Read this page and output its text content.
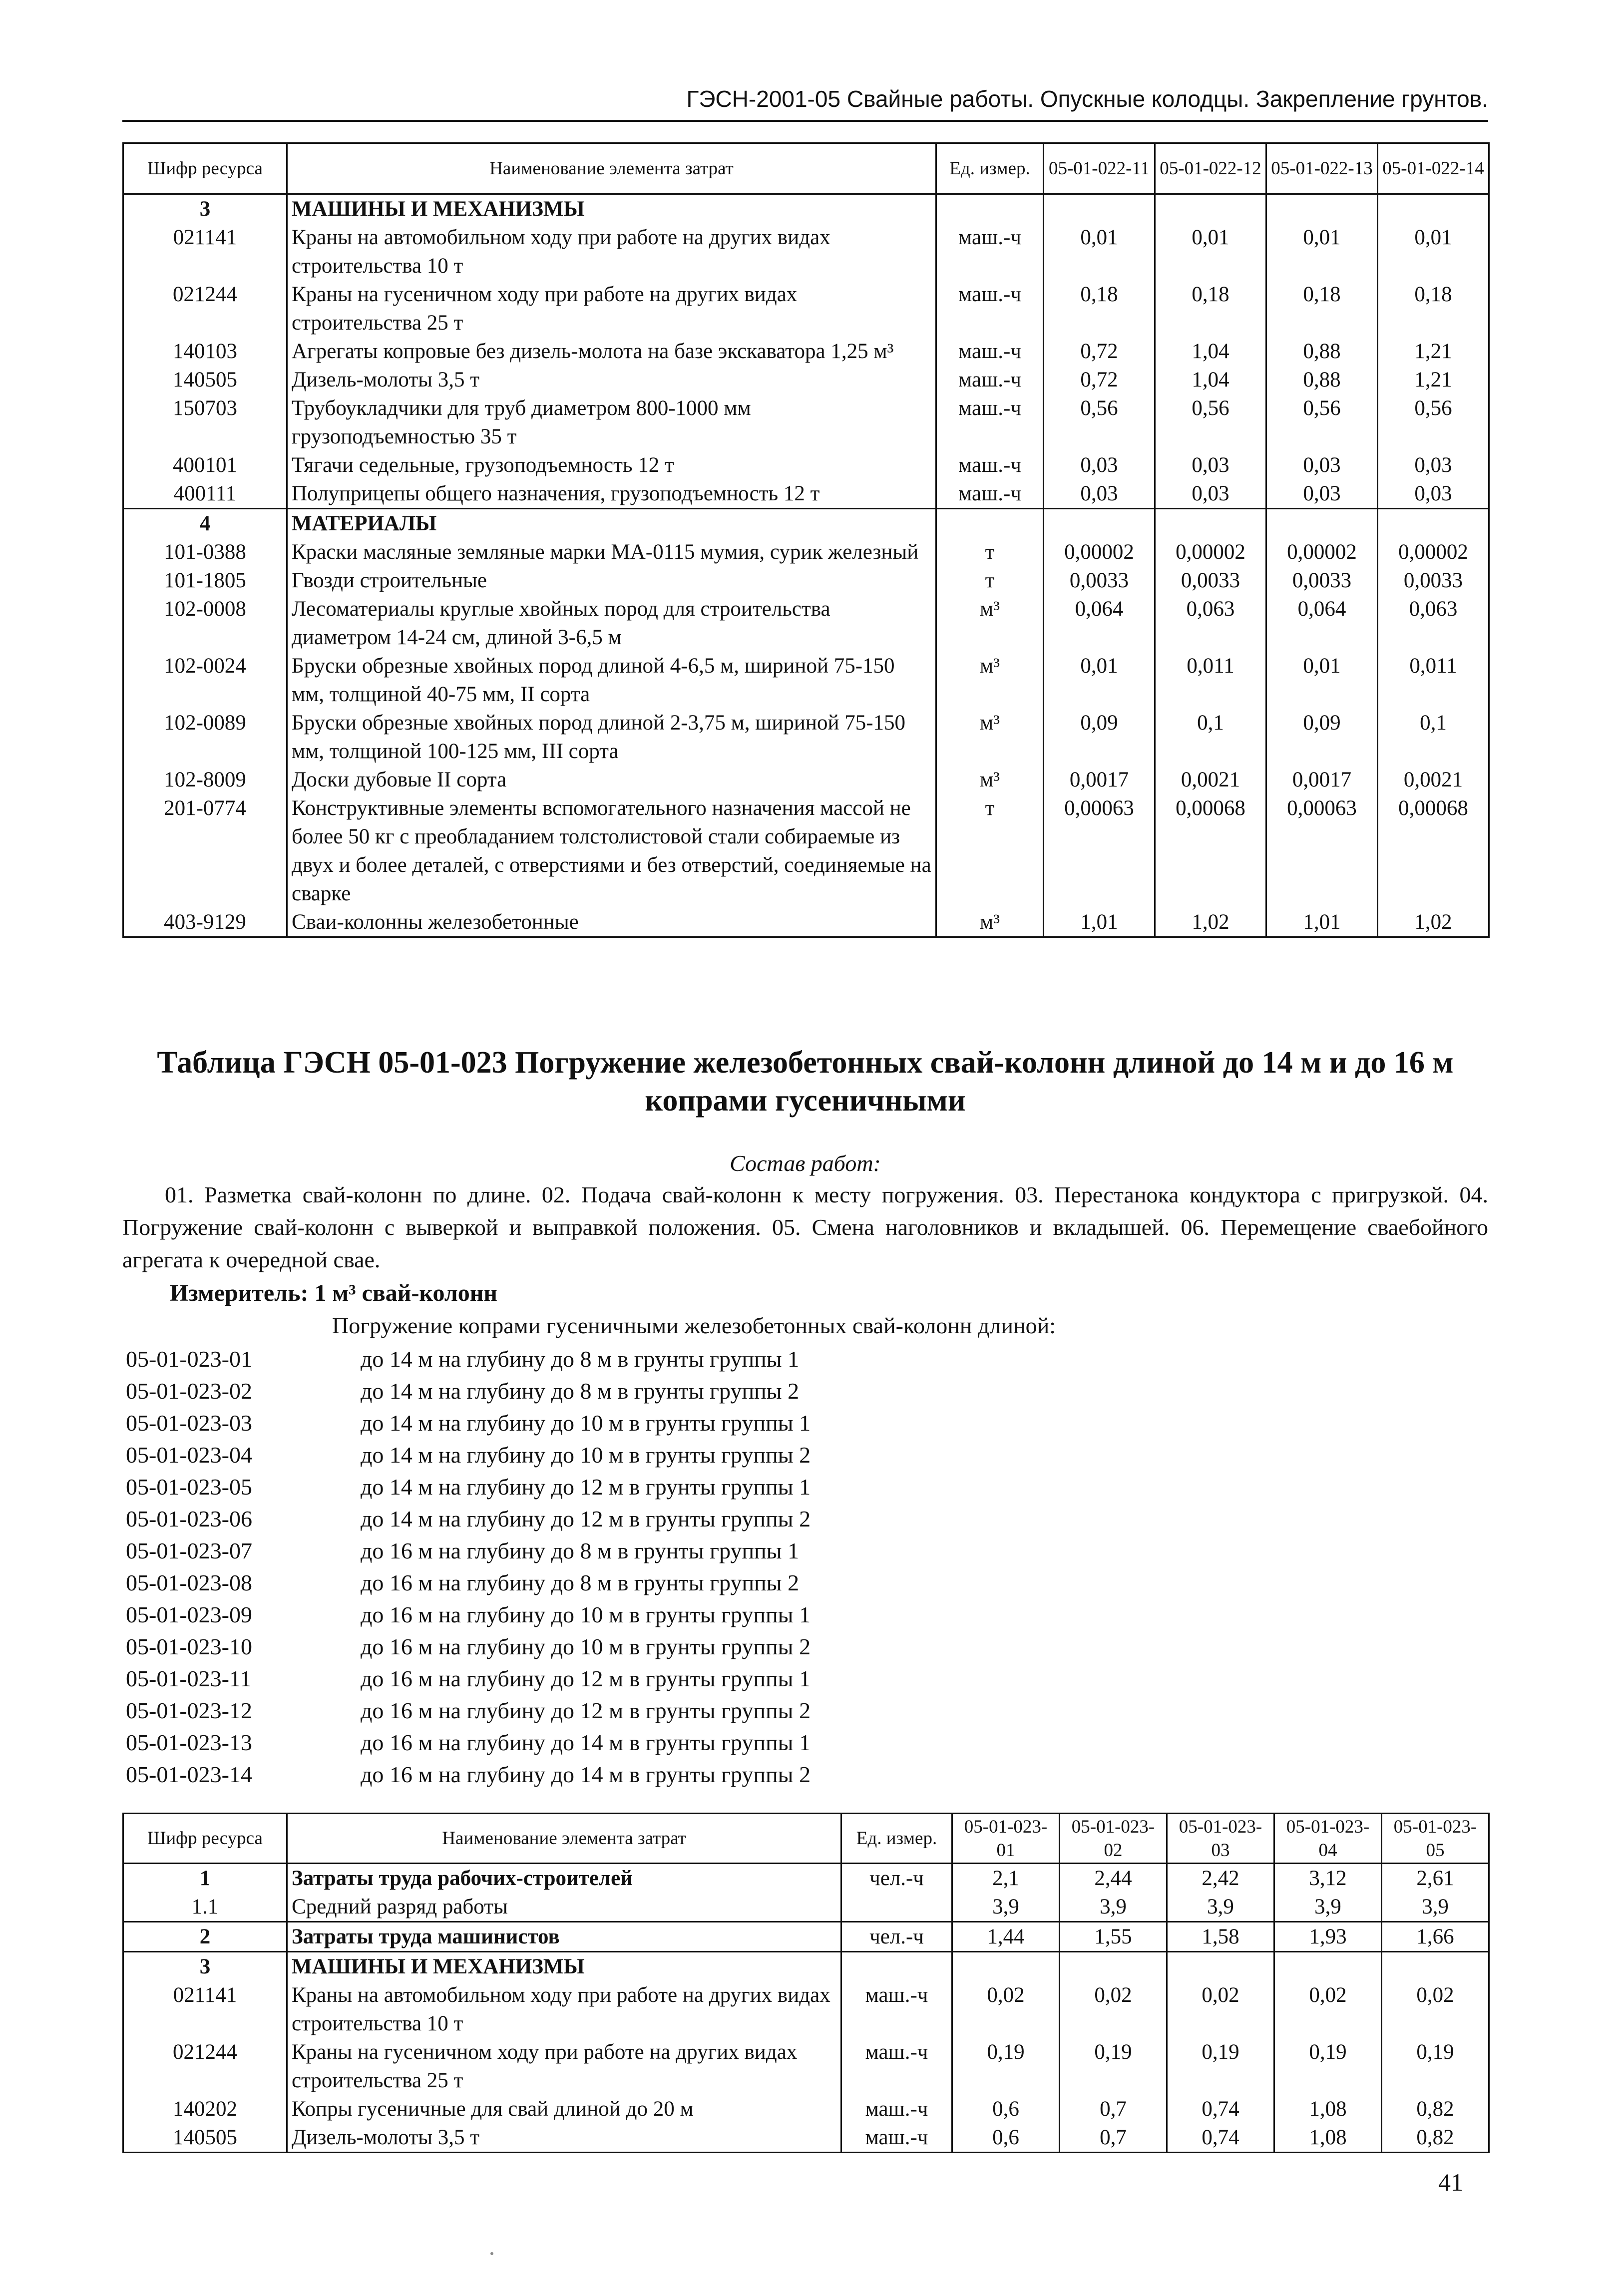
ГЭСН-2001-05 Свайные работы. Опускные колодцы. Закрепление грунтов.
Шифр ресурса	Наименование элемента затрат	Ед. измер.	05-01-022-11	05-01-022-12	05-01-022-13	05-01-022-14
3	МАШИНЫ И МЕХАНИЗМЫ					
021141	Краны на автомобильном ходу при работе на других видах строительства 10 т	маш.-ч	0,01	0,01	0,01	0,01
021244	Краны на гусеничном ходу при работе на других видах строительства 25 т	маш.-ч	0,18	0,18	0,18	0,18
140103	Агрегаты копровые без дизель-молота на базе экскаватора 1,25 м³	маш.-ч	0,72	1,04	0,88	1,21
140505	Дизель-молоты 3,5 т	маш.-ч	0,72	1,04	0,88	1,21
150703	Трубоукладчики для труб диаметром 800-1000 мм грузоподъемностью 35 т	маш.-ч	0,56	0,56	0,56	0,56
400101	Тягачи седельные, грузоподъемность 12 т	маш.-ч	0,03	0,03	0,03	0,03
400111	Полуприцепы общего назначения, грузоподъемность 12 т	маш.-ч	0,03	0,03	0,03	0,03
4	МАТЕРИАЛЫ					
101-0388	Краски масляные земляные марки МА-0115 мумия, сурик железный	т	0,00002	0,00002	0,00002	0,00002
101-1805	Гвозди строительные	т	0,0033	0,0033	0,0033	0,0033
102-0008	Лесоматериалы круглые хвойных пород для строительства диаметром 14-24 см, длиной 3-6,5 м	м³	0,064	0,063	0,064	0,063
102-0024	Бруски обрезные хвойных пород длиной 4-6,5 м, шириной 75-150 мм, толщиной 40-75 мм, II сорта	м³	0,01	0,011	0,01	0,011
102-0089	Бруски обрезные хвойных пород длиной 2-3,75 м, шириной 75-150 мм, толщиной 100-125 мм, III сорта	м³	0,09	0,1	0,09	0,1
102-8009	Доски дубовые II сорта	м³	0,0017	0,0021	0,0017	0,0021
201-0774	Конструктивные элементы вспомогательного назначения массой не более 50 кг с преобладанием толстолистовой стали собираемые из двух и более деталей, с отверстиями и без отверстий, соединяемые на сварке	т	0,00063	0,00068	0,00063	0,00068
403-9129	Сваи-колонны железобетонные	м³	1,01	1,02	1,01	1,02
Таблица ГЭСН 05-01-023 Погружение железобетонных свай-колонн длиной до 14 м и до 16 м копрами гусеничными
Состав работ:
01. Разметка свай-колонн по длине. 02. Подача свай-колонн к месту погружения. 03. Перестанока кондуктора с пригрузкой. 04. Погружение свай-колонн с выверкой и выправкой положения. 05. Смена наголовников и вкладышей. 06. Перемещение сваебойного агрегата к очередной свае.
Измеритель: 1 м³ свай-колонн
Погружение копрами гусеничными железобетонных свай-колонн длиной:
05-01-023-01	до 14 м на глубину до 8 м в грунты группы 1
05-01-023-02	до 14 м на глубину до 8 м в грунты группы 2
05-01-023-03	до 14 м на глубину до 10 м в грунты группы 1
05-01-023-04	до 14 м на глубину до 10 м в грунты группы 2
05-01-023-05	до 14 м на глубину до 12 м в грунты группы 1
05-01-023-06	до 14 м на глубину до 12 м в грунты группы 2
05-01-023-07	до 16 м на глубину до 8 м в грунты группы 1
05-01-023-08	до 16 м на глубину до 8 м в грунты группы 2
05-01-023-09	до 16 м на глубину до 10 м в грунты группы 1
05-01-023-10	до 16 м на глубину до 10 м в грунты группы 2
05-01-023-11	до 16 м на глубину до 12 м в грунты группы 1
05-01-023-12	до 16 м на глубину до 12 м в грунты группы 2
05-01-023-13	до 16 м на глубину до 14 м в грунты группы 1
05-01-023-14	до 16 м на глубину до 14 м в грунты группы 2
Шифр ресурса	Наименование элемента затрат	Ед. измер.	05-01-023-01	05-01-023-02	05-01-023-03	05-01-023-04	05-01-023-05
1	Затраты труда рабочих-строителей	чел.-ч	2,1	2,44	2,42	3,12	2,61
1.1	Средний разряд работы		3,9	3,9	3,9	3,9	3,9
2	Затраты труда машинистов	чел.-ч	1,44	1,55	1,58	1,93	1,66
3	МАШИНЫ И МЕХАНИЗМЫ						
021141	Краны на автомобильном ходу при работе на других видах строительства 10 т	маш.-ч	0,02	0,02	0,02	0,02	0,02
021244	Краны на гусеничном ходу при работе на других видах строительства 25 т	маш.-ч	0,19	0,19	0,19	0,19	0,19
140202	Копры гусеничные для свай длиной до 20 м	маш.-ч	0,6	0,7	0,74	1,08	0,82
140505	Дизель-молоты 3,5 т	маш.-ч	0,6	0,7	0,74	1,08	0,82
41
